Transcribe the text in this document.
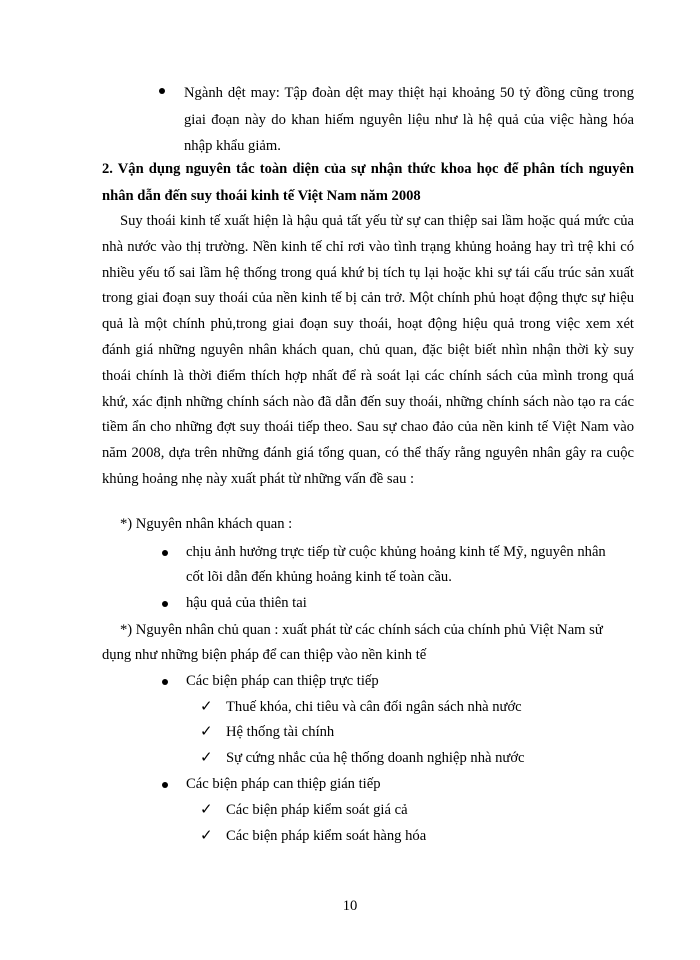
Ngành dệt may: Tập đoàn dệt may thiệt hại khoảng 50 tỷ đồng cũng trong giai đoạn này do khan hiếm nguyên liệu như là hệ quả của việc hàng hóa nhập khẩu giảm.
2. Vận dụng nguyên tắc toàn diện của sự nhận thức khoa học để phân tích nguyên nhân dẫn đến suy thoái kinh tế Việt Nam năm 2008
Suy thoái kinh tế xuất hiện là hậu quả tất yếu từ sự can thiệp sai lầm hoặc quá mức của nhà nước vào thị trường. Nền kinh tế chỉ rơi vào tình trạng khủng hoảng hay trì trệ khi có nhiều yếu tố sai lầm hệ thống trong quá khứ bị tích tụ lại hoặc khi sự tái cấu trúc sản xuất trong giai đoạn suy thoái của nền kinh tế bị cản trở. Một chính phủ hoạt động thực sự hiệu quả là một chính phủ,trong giai đoạn suy thoái, hoạt động hiệu quả trong việc xem xét đánh giá những nguyên nhân khách quan, chủ quan, đặc biệt biết nhìn nhận thời kỳ suy thoái chính là thời điểm thích hợp nhất để rà soát lại các chính sách của mình trong quá khứ, xác định những chính sách nào đã dẫn đến suy thoái, những chính sách nào tạo ra các tiềm ẩn cho những đợt suy thoái tiếp theo. Sau sự chao đảo của nền kinh tế Việt Nam vào năm 2008, dựa trên những đánh giá tổng quan, có thể thấy rằng nguyên nhân gây ra cuộc khủng hoảng nhẹ này xuất phát từ những vấn đề sau :
*) Nguyên nhân khách quan :
chịu ảnh hưởng trực tiếp từ cuộc khủng hoảng kinh tế Mỹ, nguyên nhân
cốt lõi dẫn đến khủng hoảng kinh tế toàn cầu.
hậu quả của thiên tai
*) Nguyên nhân chủ quan : xuất phát từ các chính sách của chính phủ Việt Nam sử
dụng như những biện pháp để can thiệp vào nền kinh tế
Các biện pháp can thiệp trực tiếp
✓ Thuế khóa, chi tiêu và cân đối ngân sách nhà nước
✓ Hệ thống tài chính
✓ Sự cứng nhắc của hệ thống doanh nghiệp nhà nước
Các biện pháp can thiệp gián tiếp
✓ Các biện pháp kiểm soát giá cả
✓ Các biện pháp kiểm soát hàng hóa
10
